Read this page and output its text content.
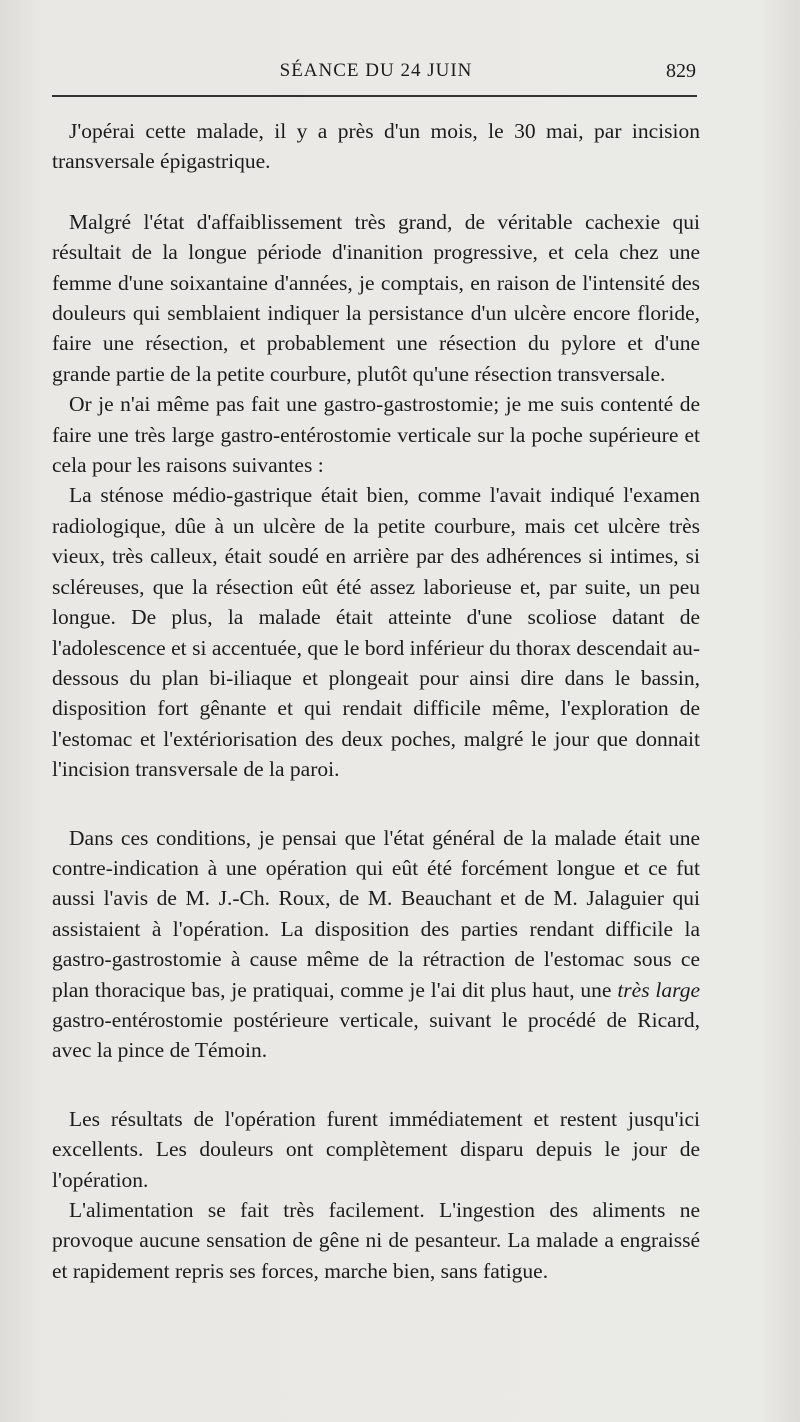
SÉANCE DU 24 JUIN	829

J'opérai cette malade, il y a près d'un mois, le 30 mai, par incision transversale épigastrique.

Malgré l'état d'affaiblissement très grand, de véritable cachexie qui résultait de la longue période d'inanition progressive, et cela chez une femme d'une soixantaine d'années, je comptais, en raison de l'intensité des douleurs qui semblaient indiquer la persistance d'un ulcère encore floride, faire une résection, et probablement une résection du pylore et d'une grande partie de la petite courbure, plutôt qu'une résection transversale.

Or je n'ai même pas fait une gastro-gastrostomie; je me suis contenté de faire une très large gastro-entérostomie verticale sur la poche supérieure et cela pour les raisons suivantes :

La sténose médio-gastrique était bien, comme l'avait indiqué l'examen radiologique, dûe à un ulcère de la petite courbure, mais cet ulcère très vieux, très calleux, était soudé en arrière par des adhérences si intimes, si scléreuses, que la résection eût été assez laborieuse et, par suite, un peu longue. De plus, la malade était atteinte d'une scoliose datant de l'adolescence et si accentuée, que le bord inférieur du thorax descendait au-dessous du plan bi-iliaque et plongeait pour ainsi dire dans le bassin, disposition fort gênante et qui rendait difficile même, l'exploration de l'estomac et l'extériorisation des deux poches, malgré le jour que donnait l'incision transversale de la paroi.

Dans ces conditions, je pensai que l'état général de la malade était une contre-indication à une opération qui eût été forcément longue et ce fut aussi l'avis de M. J.-Ch. Roux, de M. Beauchant et de M. Jalaguier qui assistaient à l'opération. La disposition des parties rendant difficile la gastro-gastrostomie à cause même de la rétraction de l'estomac sous ce plan thoracique bas, je pratiquai, comme je l'ai dit plus haut, une très large gastro-entérostomie postérieure verticale, suivant le procédé de Ricard, avec la pince de Témoin.

Les résultats de l'opération furent immédiatement et restent jusqu'ici excellents. Les douleurs ont complètement disparu depuis le jour de l'opération.

L'alimentation se fait très facilement. L'ingestion des aliments ne provoque aucune sensation de gêne ni de pesanteur. La malade a engraissé et rapidement repris ses forces, marche bien, sans fatigue.
